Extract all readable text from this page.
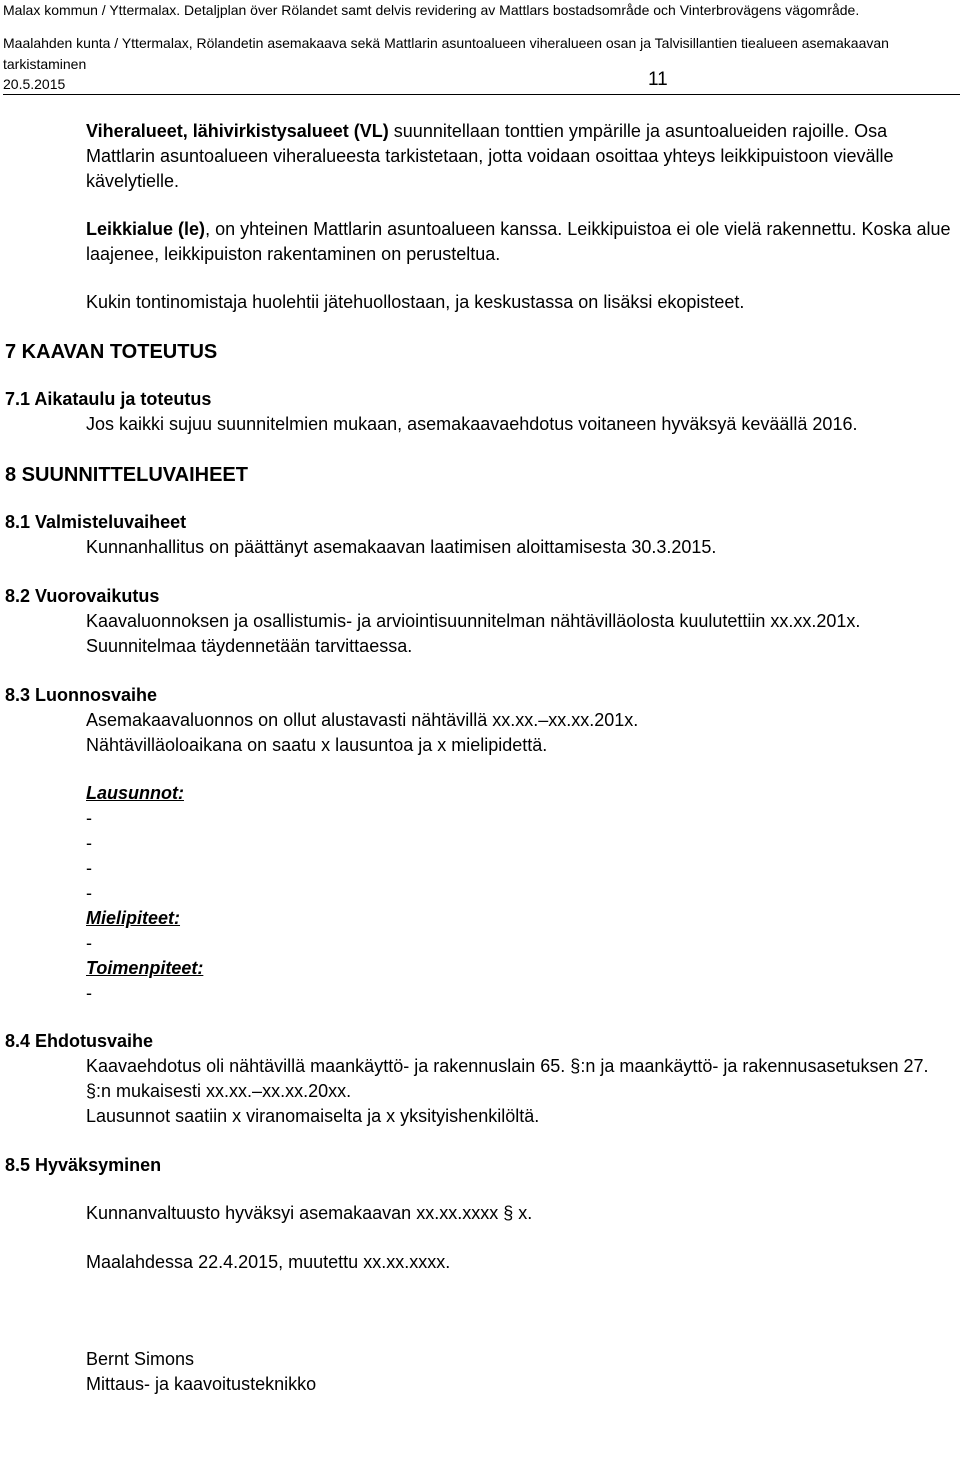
Malax kommun / Yttermalax. Detaljplan över Rölandet samt delvis revidering av Mattlars bostadsområde och Vinterbrovägens vägområde.
Maalahden kunta / Yttermalax, Rölandetin asemakaava sekä Mattlarin asuntoalueen viheralueen osan ja Talvisillantien tiealueen asemakaavan tarkistaminen
20.5.2015	11

Viheralueet, lähivirkistysalueet (VL) suunnitellaan tonttien ympärille ja asuntoalueiden rajoille. Osa Mattlarin asuntoalueen viheralueesta tarkistetaan, jotta voidaan osoittaa yhteys leikkipuistoon vievälle kävelytielle.

Leikkialue (le), on yhteinen Mattlarin asuntoalueen kanssa. Leikkipuistoa ei ole vielä rakennettu. Koska alue laajenee, leikkipuiston rakentaminen on perusteltua.

Kukin tontinomistaja huolehtii jätehuollostaan, ja keskustassa on lisäksi ekopisteet.

7 KAAVAN TOTEUTUS

7.1 Aikataulu ja toteutus

Jos kaikki sujuu suunnitelmien mukaan, asemakaavaehdotus voitaneen hyväksyä keväällä 2016.

8 SUUNNITTELUVAIHEET

8.1 Valmisteluvaiheet

Kunnanhallitus on päättänyt asemakaavan laatimisen aloittamisesta 30.3.2015.

8.2 Vuorovaikutus

Kaavaluonnoksen ja osallistumis- ja arviointisuunnitelman nähtävilläolosta kuulutettiin xx.xx.201x. Suunnitelmaa täydennetään tarvittaessa.

8.3 Luonnosvaihe

Asemakaavaluonnos on ollut alustavasti nähtävillä xx.xx.–xx.xx.201x.

Nähtävilläoloaikana on saatu x lausuntoa ja x mielipidettä.

Lausunnot:

-

-

-

-

Mielipiteet:

-

Toimenpiteet:

-

8.4 Ehdotusvaihe

Kaavaehdotus oli nähtävillä maankäyttö- ja rakennuslain 65. §:n ja maankäyttö- ja rakennusasetuksen 27. §:n mukaisesti xx.xx.–xx.xx.20xx.

Lausunnot saatiin x viranomaiselta ja x yksityishenkilöltä.

8.5 Hyväksyminen

Kunnanvaltuusto hyväksyi asemakaavan xx.xx.xxxx § x.

Maalahdessa 22.4.2015, muutettu xx.xx.xxxx.

Bernt Simons

Mittaus- ja kaavoitusteknikko
